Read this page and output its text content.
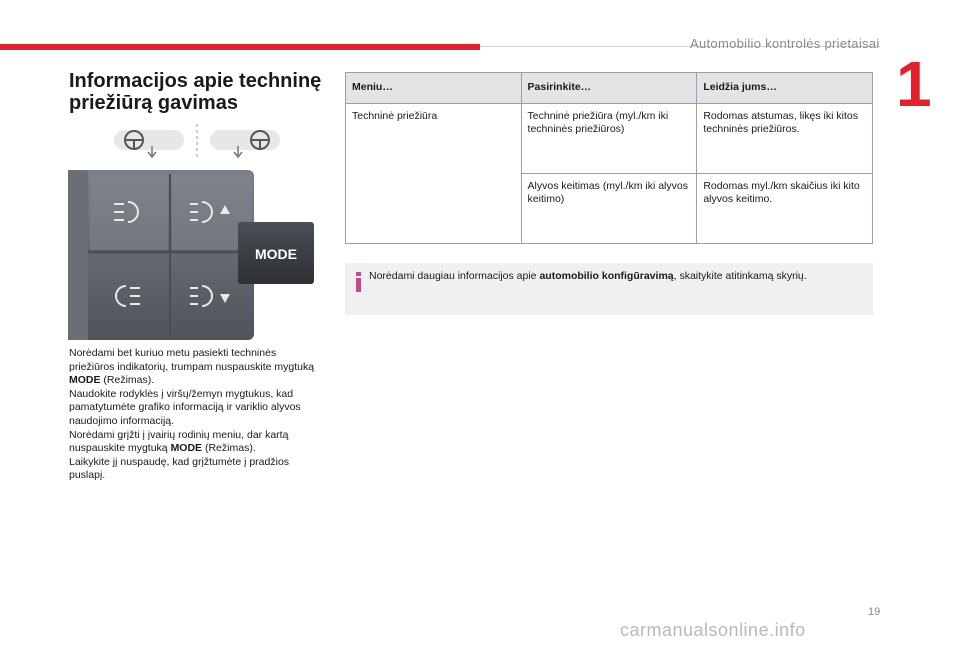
Automobilio kontrolės prietaisai
1
Informacijos apie techninę priežiūrą gavimas
MODE

Norėdami bet kuriuo metu pasiekti techninės priežiūros indikatorių, trumpam nuspauskite mygtuką MODE (Režimas).

Naudokite rodyklės į viršų/žemyn mygtukus, kad pamatytumėte grafiko informaciją ir variklio alyvos naudojimo informaciją.

Norėdami grįžti į įvairių rodinių meniu, dar kartą nuspauskite mygtuką MODE (Režimas).

Laikykite jį nuspaudę, kad grįžtumėte į pradžios puslapį.

Meniu…	Pasirinkite…	Leidžia jums…
Techninė priežiūra	Techninė priežiūra (myl./km iki techninės priežiūros)	Rodomas atstumas, likęs iki kitos techninės priežiūros.
	Alyvos keitimas (myl./km iki alyvos keitimo)	Rodomas myl./km skaičius iki kito alyvos keitimo.
Norėdami daugiau informacijos apie automobilio konfigūravimą, skaitykite atitinkamą skyrių.
19
carmanualsonline.info
